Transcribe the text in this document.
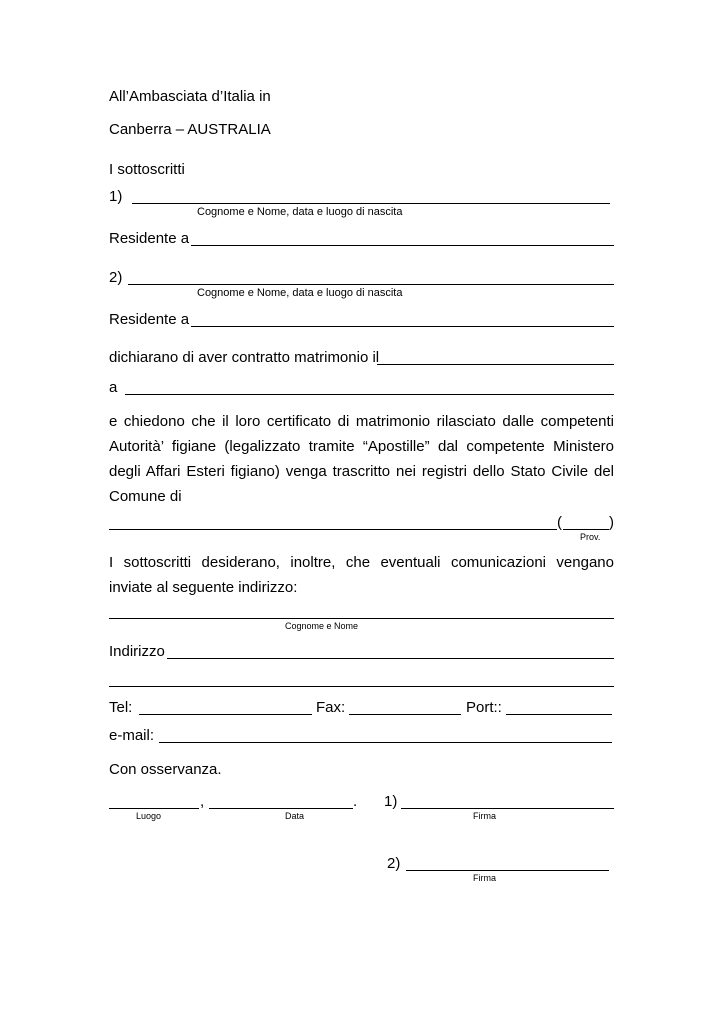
All’Ambasciata d’Italia in
Canberra – AUSTRALIA
I sottoscritti
1)
Cognome e Nome, data e luogo di nascita
Residente a
2)
Cognome e Nome, data e luogo di nascita
Residente a
dichiarano di aver contratto matrimonio il
a
e chiedono che il loro certificato di matrimonio rilasciato dalle competenti Autorità’ figiane (legalizzato tramite “Apostille” dal competente Ministero degli Affari Esteri figiano) venga trascritto nei registri dello Stato Civile del Comune di
(	)
Prov.
I sottoscritti desiderano, inoltre, che eventuali comunicazioni vengano inviate al seguente indirizzo:
Cognome e Nome
Indirizzo
Tel:	Fax:	Port::
e-mail:
Con osservanza.
,	.
Luogo	Data
1)
Firma
2)
Firma
